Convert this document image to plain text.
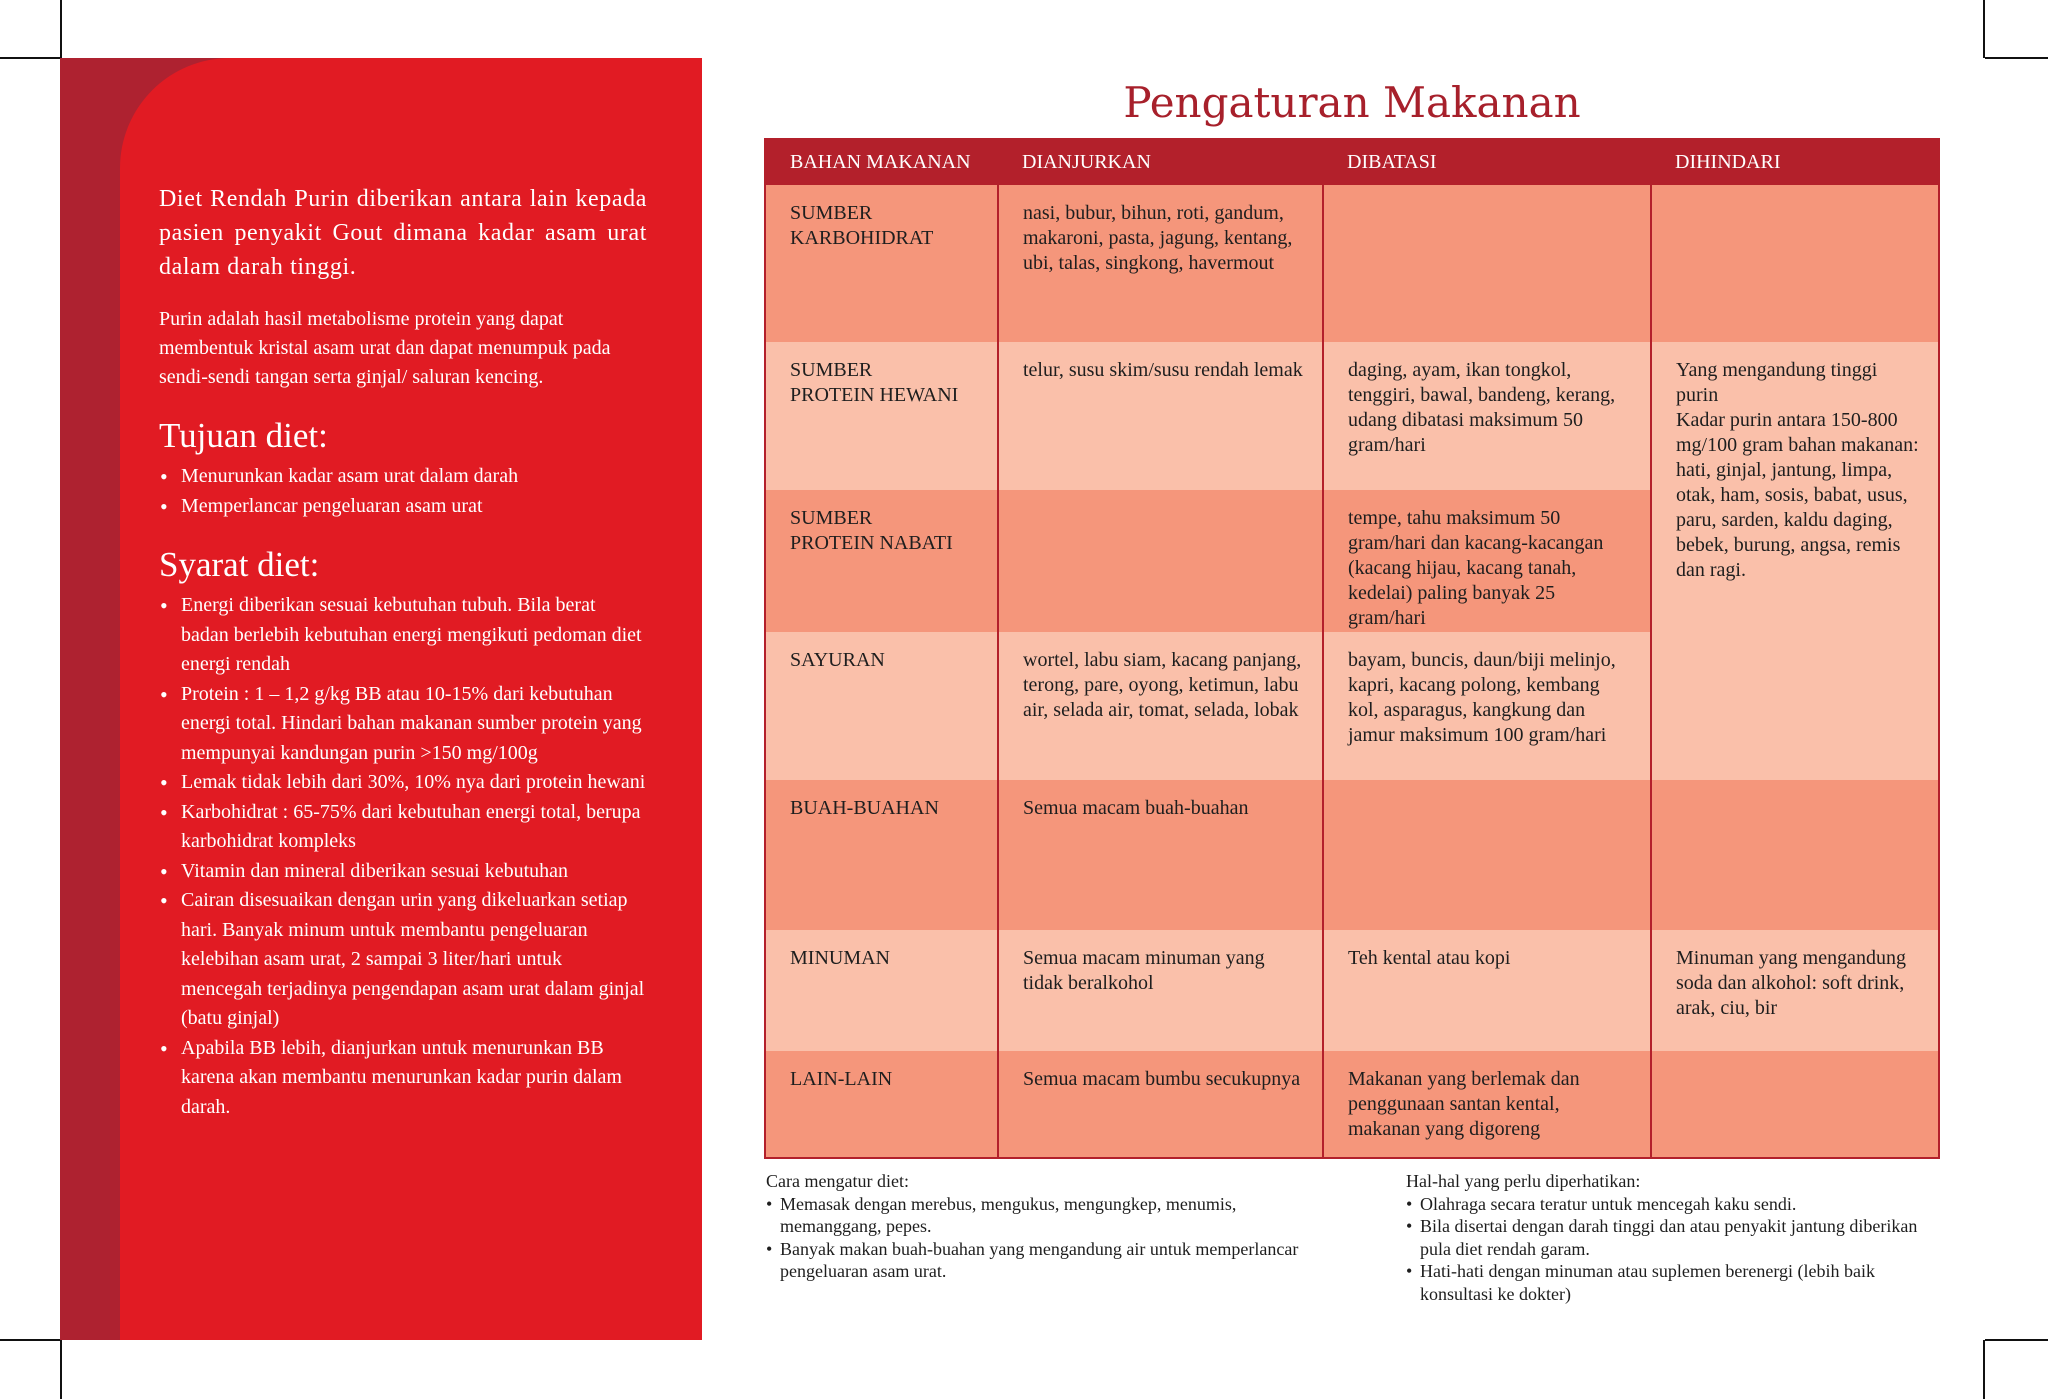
Diet Rendah Purin diberikan antara lain kepada pasien penyakit Gout dimana kadar asam urat dalam darah tinggi.

Purin adalah hasil metabolisme protein yang dapat membentuk kristal asam urat dan dapat menumpuk pada sendi-sendi tangan serta ginjal/ saluran kencing.

Tujuan diet:
• Menurunkan kadar asam urat dalam darah
• Memperlancar pengeluaran asam urat
Syarat diet:
• Energi diberikan sesuai kebutuhan tubuh. Bila berat badan berlebih kebutuhan energi mengikuti pedoman diet energi rendah
• Protein : 1 – 1,2 g/kg BB atau 10-15% dari kebutuhan energi total. Hindari bahan makanan sumber protein yang mempunyai kandungan purin >150 mg/100g
• Lemak tidak lebih dari 30%, 10% nya dari protein hewani
• Karbohidrat : 65-75% dari kebutuhan energi total, berupa karbohidrat kompleks
• Vitamin dan mineral diberikan sesuai kebutuhan
• Cairan disesuaikan dengan urin yang dikeluarkan setiap hari. Banyak minum untuk membantu pengeluaran kelebihan asam urat, 2 sampai 3 liter/hari untuk mencegah terjadinya pengendapan asam urat dalam ginjal (batu ginjal)
• Apabila BB lebih, dianjurkan untuk menurunkan BB karena akan membantu menurunkan kadar purin dalam darah.
Pengaturan Makanan
BAHAN MAKANAN	DIANJURKAN	DIBATASI	DIHINDARI
SUMBER
KARBOHIDRAT	nasi, bubur, bihun, roti, gandum, makaroni, pasta, jagung, kentang, ubi, talas, singkong, havermout		
SUMBER
PROTEIN HEWANI	telur, susu skim/susu rendah lemak	daging, ayam, ikan tongkol, tenggiri, bawal, bandeng, kerang, udang dibatasi maksimum 50 gram/hari	Yang mengandung tinggi purin
Kadar purin antara 150-800 mg/100 gram bahan makanan:
hati, ginjal, jantung, limpa, otak, ham, sosis, babat, usus, paru, sarden, kaldu daging, bebek, burung, angsa, remis dan ragi.
SUMBER
PROTEIN NABATI		tempe, tahu maksimum 50 gram/hari dan kacang-kacangan (kacang hijau, kacang tanah, kedelai) paling banyak 25 gram/hari	
SAYURAN	wortel, labu siam, kacang panjang, terong, pare, oyong, ketimun, labu air, selada air, tomat, selada, lobak	bayam, buncis, daun/biji melinjo, kapri, kacang polong, kembang kol, asparagus, kangkung dan jamur maksimum 100 gram/hari	
BUAH-BUAHAN	Semua macam buah-buahan		
MINUMAN	Semua macam minuman yang tidak beralkohol	Teh kental atau kopi	Minuman yang mengandung soda dan alkohol: soft drink, arak, ciu, bir
LAIN-LAIN	Semua macam bumbu secukupnya	Makanan yang berlemak dan penggunaan santan kental, makanan yang digoreng	

Cara mengatur diet:

• Memasak dengan merebus, mengukus, mengungkep, menumis, memanggang, pepes.
• Banyak makan buah-buahan yang mengandung air untuk memperlancar pengeluaran asam urat.

Hal-hal yang perlu diperhatikan:

• Olahraga secara teratur untuk mencegah kaku sendi.
• Bila disertai dengan darah tinggi dan atau penyakit jantung diberikan pula diet rendah garam.
• Hati-hati dengan minuman atau suplemen berenergi (lebih baik konsultasi ke dokter)
